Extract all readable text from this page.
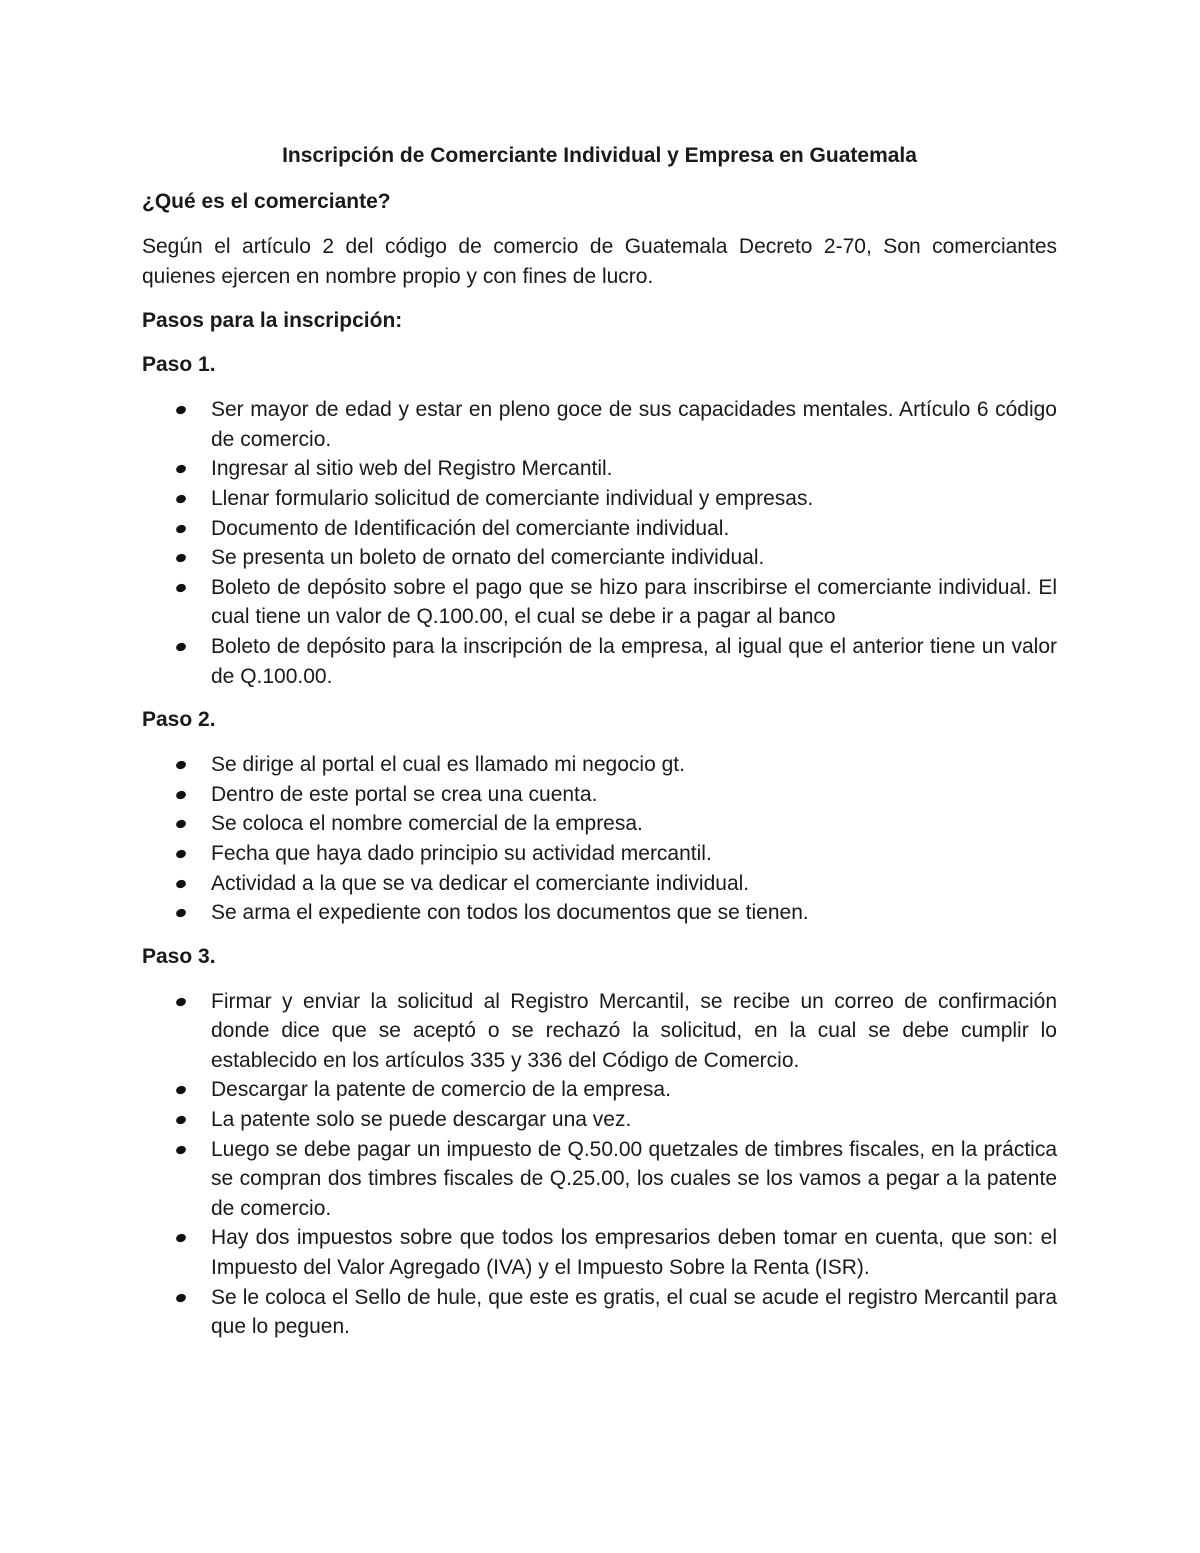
Inscripción de Comerciante Individual y Empresa en Guatemala
¿Qué es el comerciante?

Según el artículo 2 del código de comercio de Guatemala Decreto 2-70, Son comerciantes quienes ejercen en nombre propio y con fines de lucro.

Pasos para la inscripción:
Paso 1.
Ser mayor de edad y estar en pleno goce de sus capacidades mentales. Artículo 6 código de comercio.
Ingresar al sitio web del Registro Mercantil.
Llenar formulario solicitud de comerciante individual y empresas.
Documento de Identificación del comerciante individual.
Se presenta un boleto de ornato del comerciante individual.
Boleto de depósito sobre el pago que se hizo para inscribirse el comerciante individual. El cual tiene un valor de Q.100.00, el cual se debe ir a pagar al banco
Boleto de depósito para la inscripción de la empresa, al igual que el anterior tiene un valor de Q.100.00.
Paso 2.
Se dirige al portal el cual es llamado mi negocio gt.
Dentro de este portal se crea una cuenta.
Se coloca el nombre comercial de la empresa.
Fecha que haya dado principio su actividad mercantil.
Actividad a la que se va dedicar el comerciante individual.
Se arma el expediente con todos los documentos que se tienen.
Paso 3.
Firmar y enviar la solicitud al Registro Mercantil, se recibe un correo de confirmación donde dice que se aceptó o se rechazó la solicitud, en la cual se debe cumplir lo establecido en los artículos 335 y 336 del Código de Comercio.
Descargar la patente de comercio de la empresa.
La patente solo se puede descargar una vez.
Luego se debe pagar un impuesto de Q.50.00 quetzales de timbres fiscales, en la práctica se compran dos timbres fiscales de Q.25.00, los cuales se los vamos a pegar a la patente de comercio.
Hay dos impuestos sobre que todos los empresarios deben tomar en cuenta, que son: el Impuesto del Valor Agregado (IVA) y el Impuesto Sobre la Renta (ISR).
Se le coloca el Sello de hule, que este es gratis, el cual se acude el registro Mercantil para que lo peguen.
